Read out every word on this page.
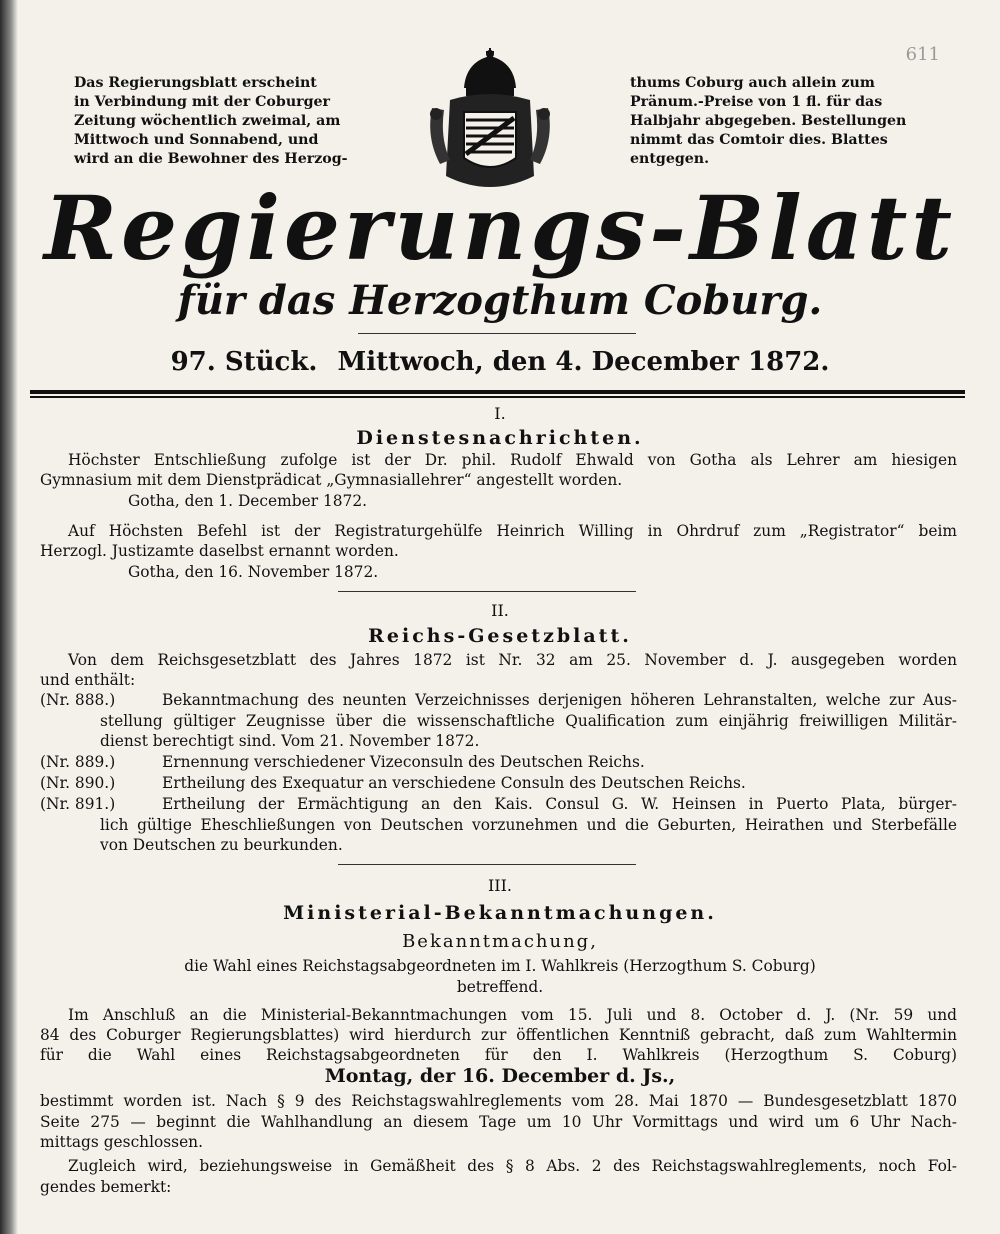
611
Das Regierungsblatt erscheint
in Verbindung mit der Coburger
Zeitung wöchentlich zweimal, am
Mittwoch und Sonnabend, und
wird an die Bewohner des Herzog-
thums Coburg auch allein zum
Pränum.-Preise von 1 fl. für das
Halbjahr abgegeben. Bestellungen
nimmt das Comtoir dies. Blattes
entgegen.
Regierungs-Blatt
für das Herzogthum Coburg.
97. Stück. Mittwoch, den 4. December 1872.
I.
Dienstesnachrichten.
Höchster Entschließung zufolge ist der Dr. phil. Rudolf Ehwald von Gotha als Lehrer am hiesigen
Gymnasium mit dem Dienstprädicat „Gymnasiallehrer“ angestellt worden.
Gotha, den 1. December 1872.
Auf Höchsten Befehl ist der Registraturgehülfe Heinrich Willing in Ohrdruf zum „Registrator“ beim
Herzogl. Justizamte daselbst ernannt worden.
Gotha, den 16. November 1872.
II.
Reichs-Gesetzblatt.
Von dem Reichsgesetzblatt des Jahres 1872 ist Nr. 32 am 25. November d. J. ausgegeben worden
und enthält:
(Nr. 888.)	Bekanntmachung des neunten Verzeichnisses derjenigen höheren Lehranstalten, welche zur Aus-
stellung gültiger Zeugnisse über die wissenschaftliche Qualification zum einjährig freiwilligen Militär-
dienst berechtigt sind. Vom 21. November 1872.
(Nr. 889.)	Ernennung verschiedener Vizeconsuln des Deutschen Reichs.
(Nr. 890.)	Ertheilung des Exequatur an verschiedene Consuln des Deutschen Reichs.
(Nr. 891.)	Ertheilung der Ermächtigung an den Kais. Consul G. W. Heinsen in Puerto Plata, bürger-
lich gültige Eheschließungen von Deutschen vorzunehmen und die Geburten, Heirathen und Sterbefälle
von Deutschen zu beurkunden.
III.
Ministerial-Bekanntmachungen.
Bekanntmachung,
die Wahl eines Reichstagsabgeordneten im I. Wahlkreis (Herzogthum S. Coburg)
betreffend.
Im Anschluß an die Ministerial-Bekanntmachungen vom 15. Juli und 8. October d. J. (Nr. 59 und
84 des Coburger Regierungsblattes) wird hierdurch zur öffentlichen Kenntniß gebracht, daß zum Wahltermin
für die Wahl eines Reichstagsabgeordneten für den I. Wahlkreis (Herzogthum S. Coburg)
Montag, der 16. December d. Js.,
bestimmt worden ist. Nach § 9 des Reichstagswahlreglements vom 28. Mai 1870 — Bundesgesetzblatt 1870
Seite 275 — beginnt die Wahlhandlung an diesem Tage um 10 Uhr Vormittags und wird um 6 Uhr Nach-
mittags geschlossen.
Zugleich wird, beziehungsweise in Gemäßheit des § 8 Abs. 2 des Reichstagswahlreglements, noch Fol-
gendes bemerkt:
